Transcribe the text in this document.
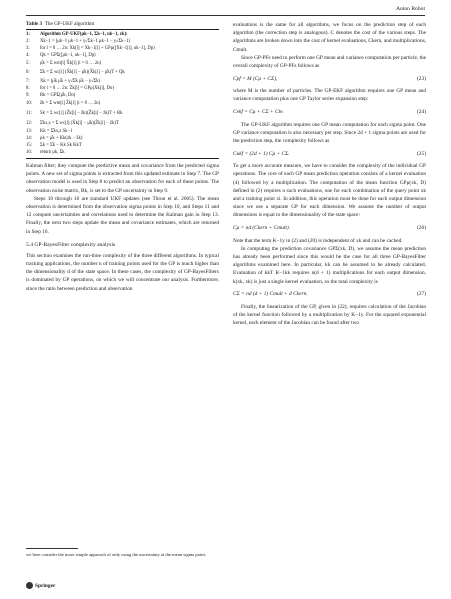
Auton Robot
Table 3 The GP-UKF algorithm
1:	Algorithm GP-UKF(μk−1, Σk−1, uk−1, zk):
2:	X̂k−1 = (μk−1 μk−1 + γ√Σk−1 μk−1 − γ√Σk−1)
3:	for i = 0 … 2n: X̂k[i] = X̂k−1[i] + GPμ([X̂k−1[i], uk−1], Dp)
4:	Qk = GPΣ([μk−1, uk−1], Dp)
5:	μ̂k = Σ wm[i] X̂k[i] (i = 0 … 2n)
6:	Σ̂k = Σ wc[i] (X̂k[i] − μ̂k)(X̂k[i] − μ̂k)T + Qk
7:	X̄k = (μ̂k μ̂k + γ√Σ̂k μ̂k − γ√Σ̂k)
8:	for i = 0 … 2n: Ẑk[i] = GPμ(X̄k[i], Do)
9:	Rk = GPΣ(μ̂k, Do)
10:	ẑk = Σ wm[i] Ẑk[i] (i = 0 … 2n)
11:	Sk = Σ wc[i] (Ẑk[i] − ẑk)(Ẑk[i] − ẑk)T + Rk
12:	Σ̂kx,z = Σ wc[i] (X̄k[i] − μ̂k)(Ẑk[i] − ẑk)T
13:	Kk = Σ̂kx,z Sk−1
14:	μk = μ̂k + Kk(zk − ẑk)
15:	Σk = Σ̂k − Kk Sk KkT
16:	return μk, Σk

Kalman filter; they compute the predictive mean and covariance from the predicted sigma points. A new set of sigma points is extracted from this updated estimate in Step 7. The GP observation model is used in Step 8 to predict an observation for each of these points. The observation noise matrix, Rk, is set to the GP uncertainty in Step 9.

Steps 10 through 16 are standard UKF updates (see Thrun et al. 2005). The mean observation is determined from the observation sigma points in Step 10, and Steps 11 and 12 compute uncertainties and correlations used to determine the Kalman gain in Step 13. Finally, the next two steps update the mean and covariance estimates, which are returned in Step 16.

5.4 GP-BayesFilter complexity analysis

This section examines the run-time complexity of the three different algorithms. In typical tracking applications, the number n of training points used for the GP is much higher than the dimensionality d of the state space. In these cases, the complexity of GP-BayesFilters is dominated by GP operations, on which we will concentrate our analysis. Furthermore, since the ratio between prediction and observation

we here consider the more simple approach of only using the uncertainty at the mean sigma point.
Springer

evaluations is the same for all algorithms, we focus on the prediction step of each algorithm (the correction step is analogous). C denotes the cost of the various steps. The algorithms are broken down into the cost of kernel evaluations, Ckern, and multiplications, Cmult.

Since GP-PFs need to perform one GP mean and variance computation per particle, the overall complexity of GP-PFs follows as

Cpf = M (Cμ + CΣ),	(23)

where M is the number of particles. The GP-EKF algorithm requires one GP mean and variance computation plus one GP Taylor series expansion step:

Cekf = Cμ + CΣ + Cte.	(24)

The GP-UKF algorithm requires one GP mean computation for each sigma point. One GP variance computation is also necessary per step. Since 2d + 1 sigma points are used for the prediction step, the complexity follows as

Cukf = (2d + 1) Cμ + CΣ.	(25)

To get a more accurate measure, we have to consider the complexity of the individual GP operations. The core of each GP mean prediction operation consists of a kernel evaluation (4) followed by a multiplication. The computation of the mean function GPμ(xk, D) defined in (2) requires n such evaluations, one for each combination of the query point xk and a training point xi. In addition, this operation must be done for each output dimension since we use a separate GP for each dimension. We assume the number of output dimensions is equal to the dimensionality of the state space:

Cμ = nd (Ckern + Cmult).	(26)

Note that the term K−1y in (2) and (20) is independent of xk and can be cached.

In computing the prediction covariance GPΣ(xk, D), we assume the mean prediction has already been performed since this would be the case for all three GP-BayesFilter algorithms examined here. In particular, kk can be assumed to be already calculated. Evaluation of kkT K−1kk requires n(d + 1) multiplications for each output dimension. k(xk, xk) is just a single kernel evaluation, so the total complexity is

CΣ = nd (d + 1) Cmult + d Ckern.	(27)

Finally, the linearization of the GP, given in (22), requires calculation of the Jacobian of the kernel function followed by a multiplication by K−1y. For the squared exponential kernel, each element of the Jacobian can be found after two
